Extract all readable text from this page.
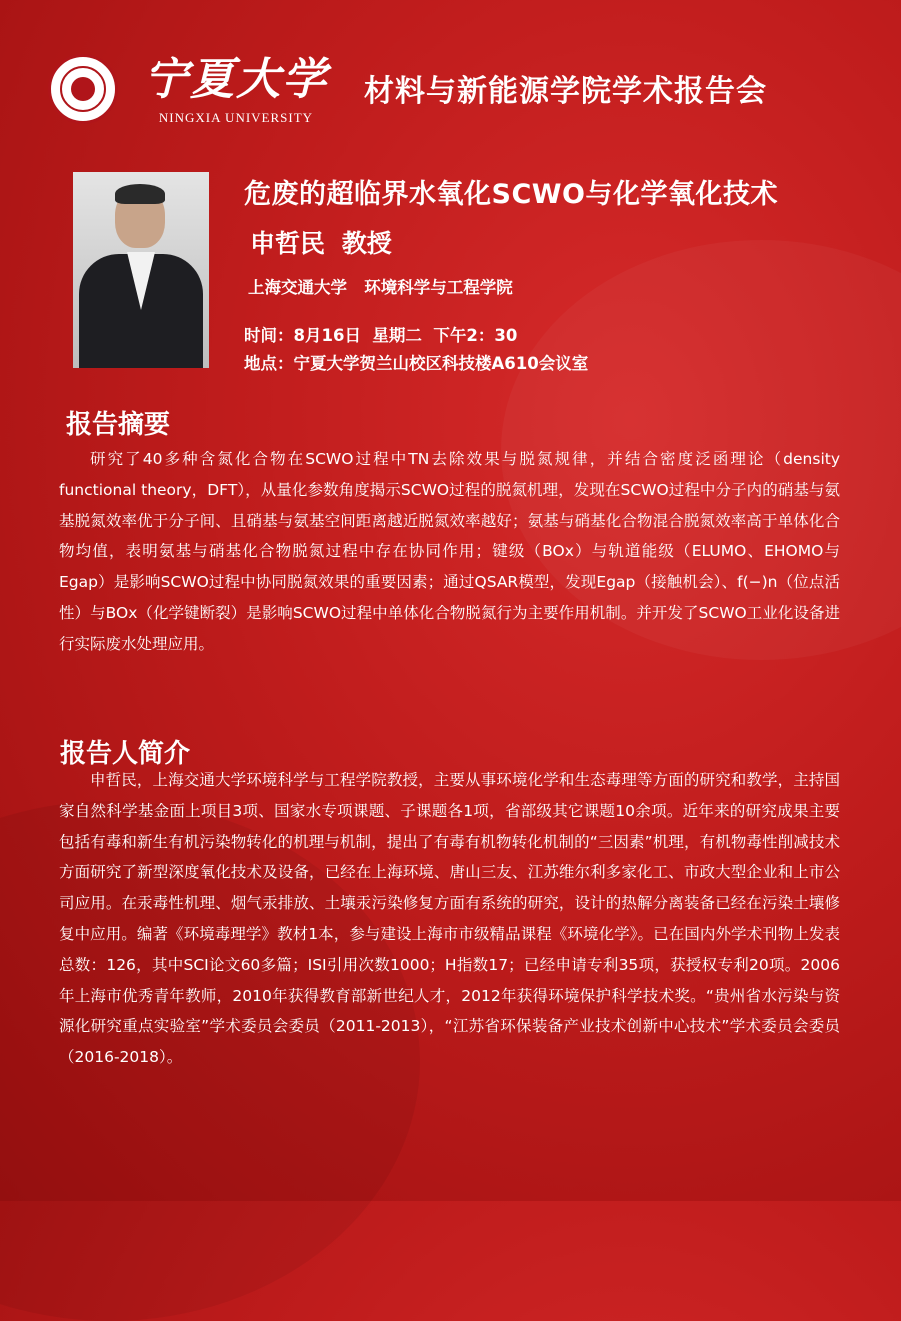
宁夏大学
NINGXIA UNIVERSITY
材料与新能源学院学术报告会
危废的超临界水氧化SCWO与化学氧化技术
申哲民 教授
上海交通大学   环境科学与工程学院
时间：8月16日  星期二  下午2：30
地点：宁夏大学贺兰山校区科技楼A610会议室
报告摘要

研究了40多种含氮化合物在SCWO过程中TN去除效果与脱氮规律，并结合密度泛函理论（density functional theory，DFT），从量化参数角度揭示SCWO过程的脱氮机理，发现在SCWO过程中分子内的硝基与氨基脱氮效率优于分子间、且硝基与氨基空间距离越近脱氮效率越好；氨基与硝基化合物混合脱氮效率高于单体化合物均值，表明氨基与硝基化合物脱氮过程中存在协同作用；键级（BOx）与轨道能级（ELUMO、EHOMO与Egap）是影响SCWO过程中协同脱氮效果的重要因素；通过QSAR模型，发现Egap（接触机会）、f(−)n（位点活性）与BOx（化学键断裂）是影响SCWO过程中单体化合物脱氮行为主要作用机制。并开发了SCWO工业化设备进行实际废水处理应用。

报告人简介

申哲民，上海交通大学环境科学与工程学院教授，主要从事环境化学和生态毒理等方面的研究和教学，主持国家自然科学基金面上项目3项、国家水专项课题、子课题各1项，省部级其它课题10余项。近年来的研究成果主要包括有毒和新生有机污染物转化的机理与机制，提出了有毒有机物转化机制的“三因素”机理，有机物毒性削减技术方面研究了新型深度氧化技术及设备，已经在上海环境、唐山三友、江苏维尔利多家化工、市政大型企业和上市公司应用。在汞毒性机理、烟气汞排放、土壤汞污染修复方面有系统的研究，设计的热解分离装备已经在污染土壤修复中应用。编著《环境毒理学》教材1本，参与建设上海市市级精品课程《环境化学》。已在国内外学术刊物上发表总数：126，其中SCI论文60多篇；ISI引用次数1000；H指数17；已经申请专利35项，获授权专利20项。2006年上海市优秀青年教师，2010年获得教育部新世纪人才，2012年获得环境保护科学技术奖。“贵州省水污染与资源化研究重点实验室”学术委员会委员（2011-2013），“江苏省环保装备产业技术创新中心技术”学术委员会委员（2016-2018）。
